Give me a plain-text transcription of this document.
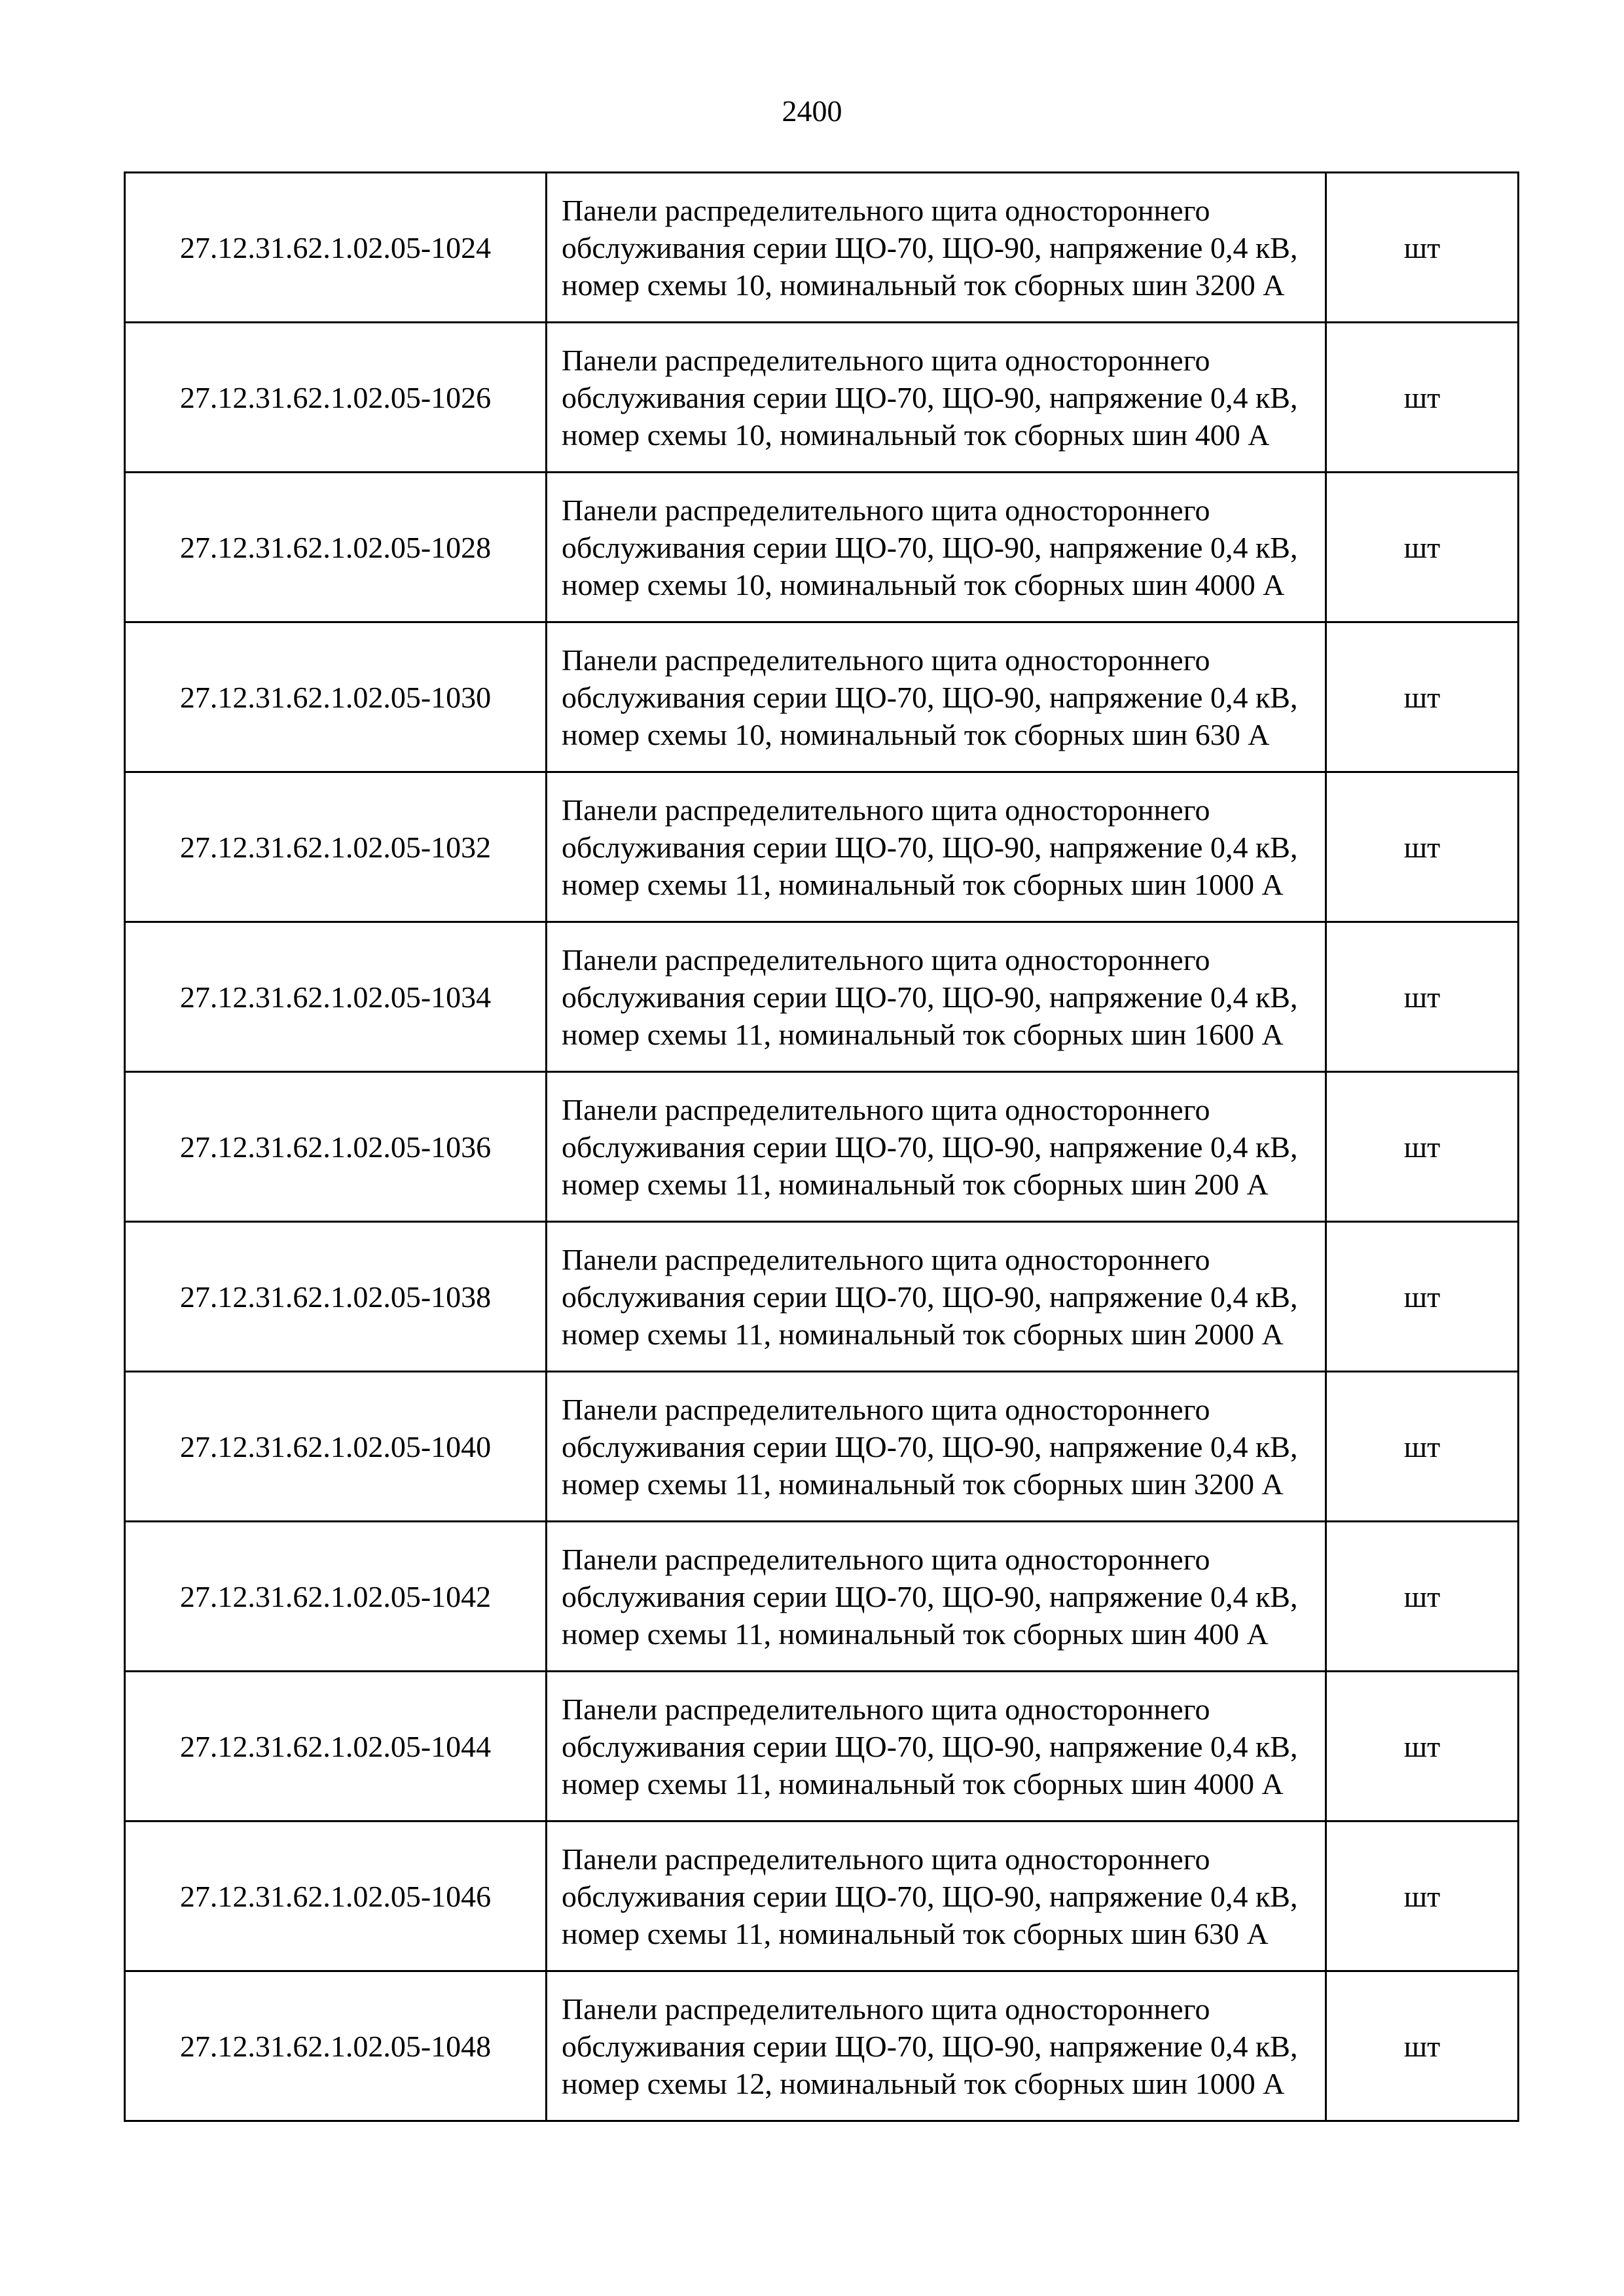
2400
27.12.31.62.1.02.05-1024	Панели распределительного щита одностороннего обслуживания серии ЩО-70, ЩО-90, напряжение 0,4 кВ, номер схемы 10, номинальный ток сборных шин 3200 А	шт
27.12.31.62.1.02.05-1026	Панели распределительного щита одностороннего обслуживания серии ЩО-70, ЩО-90, напряжение 0,4 кВ, номер схемы 10, номинальный ток сборных шин 400 А	шт
27.12.31.62.1.02.05-1028	Панели распределительного щита одностороннего обслуживания серии ЩО-70, ЩО-90, напряжение 0,4 кВ, номер схемы 10, номинальный ток сборных шин 4000 А	шт
27.12.31.62.1.02.05-1030	Панели распределительного щита одностороннего обслуживания серии ЩО-70, ЩО-90, напряжение 0,4 кВ, номер схемы 10, номинальный ток сборных шин 630 А	шт
27.12.31.62.1.02.05-1032	Панели распределительного щита одностороннего обслуживания серии ЩО-70, ЩО-90, напряжение 0,4 кВ, номер схемы 11, номинальный ток сборных шин 1000 А	шт
27.12.31.62.1.02.05-1034	Панели распределительного щита одностороннего обслуживания серии ЩО-70, ЩО-90, напряжение 0,4 кВ, номер схемы 11, номинальный ток сборных шин 1600 А	шт
27.12.31.62.1.02.05-1036	Панели распределительного щита одностороннего обслуживания серии ЩО-70, ЩО-90, напряжение 0,4 кВ, номер схемы 11, номинальный ток сборных шин 200 А	шт
27.12.31.62.1.02.05-1038	Панели распределительного щита одностороннего обслуживания серии ЩО-70, ЩО-90, напряжение 0,4 кВ, номер схемы 11, номинальный ток сборных шин 2000 А	шт
27.12.31.62.1.02.05-1040	Панели распределительного щита одностороннего обслуживания серии ЩО-70, ЩО-90, напряжение 0,4 кВ, номер схемы 11, номинальный ток сборных шин 3200 А	шт
27.12.31.62.1.02.05-1042	Панели распределительного щита одностороннего обслуживания серии ЩО-70, ЩО-90, напряжение 0,4 кВ, номер схемы 11, номинальный ток сборных шин 400 А	шт
27.12.31.62.1.02.05-1044	Панели распределительного щита одностороннего обслуживания серии ЩО-70, ЩО-90, напряжение 0,4 кВ, номер схемы 11, номинальный ток сборных шин 4000 А	шт
27.12.31.62.1.02.05-1046	Панели распределительного щита одностороннего обслуживания серии ЩО-70, ЩО-90, напряжение 0,4 кВ, номер схемы 11, номинальный ток сборных шин 630 А	шт
27.12.31.62.1.02.05-1048	Панели распределительного щита одностороннего обслуживания серии ЩО-70, ЩО-90, напряжение 0,4 кВ, номер схемы 12, номинальный ток сборных шин 1000 А	шт
